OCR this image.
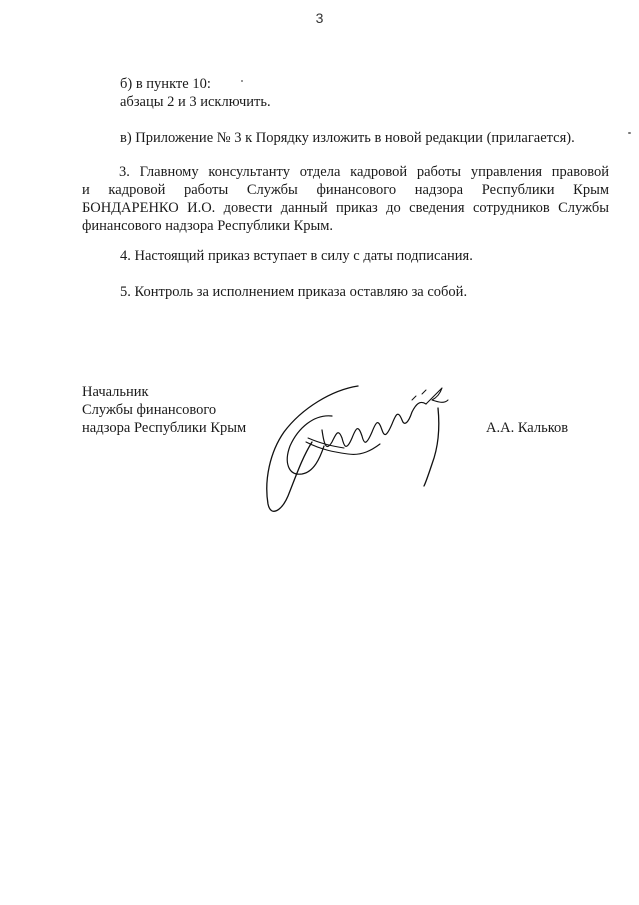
3
б) в пункте 10:
абзацы 2 и 3 исключить.
в) Приложение № 3 к Порядку изложить в новой редакции (прилагается).
3. Главному консультанту отдела кадровой работы управления правовой
и кадровой работы Службы финансового надзора Республики Крым
БОНДАРЕНКО И.О. довести данный приказ до сведения сотрудников Службы
финансового надзора Республики Крым.
4. Настоящий приказ вступает в силу с даты подписания.
5. Контроль за исполнением приказа оставляю за собой.
Начальник
Службы финансового
надзора Республики Крым	А.А. Кальков
